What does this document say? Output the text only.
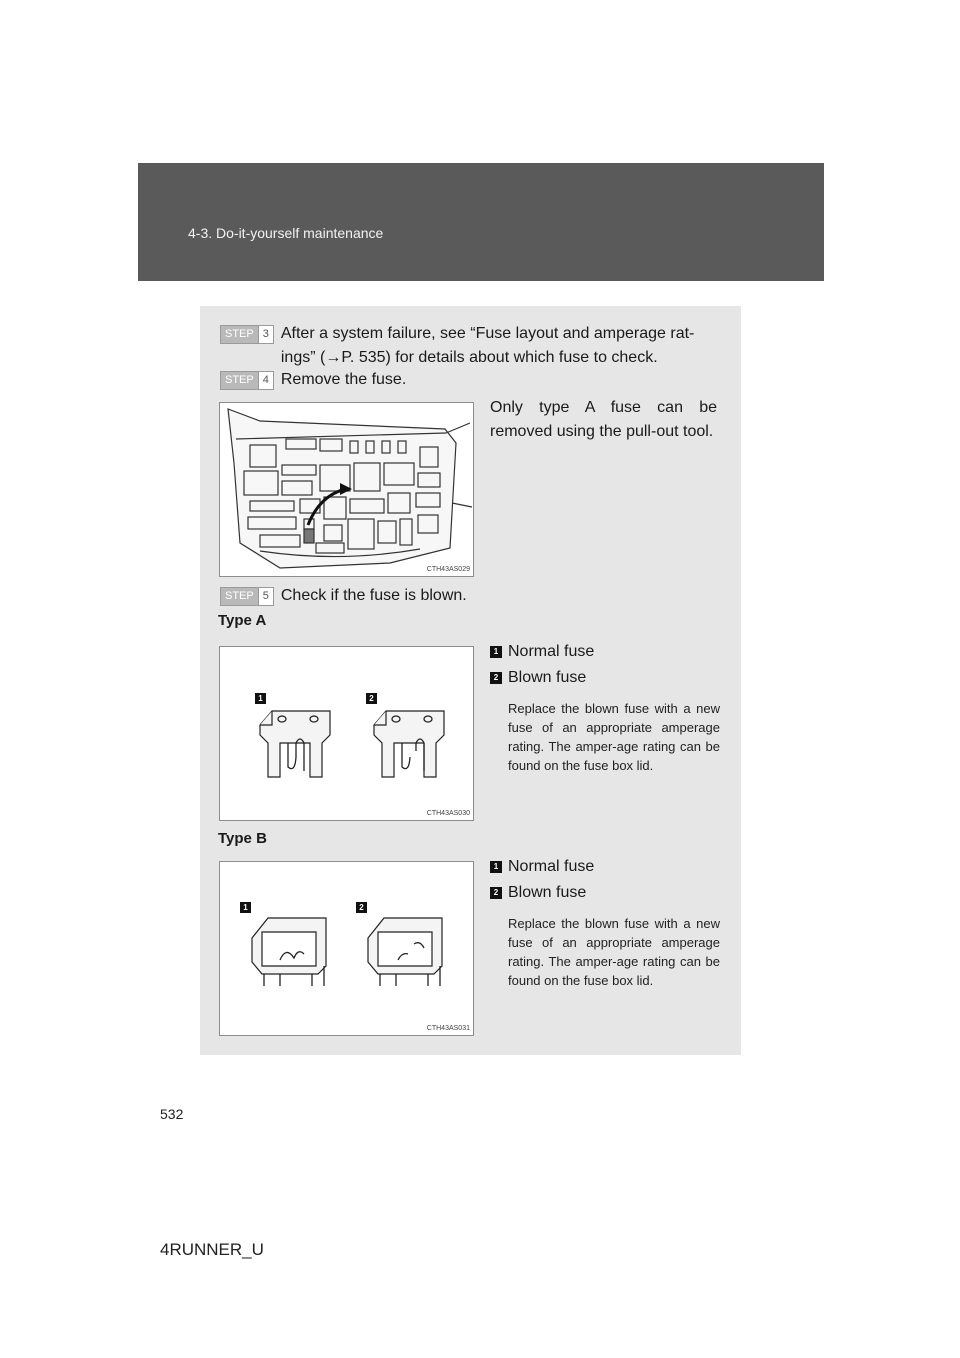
4-3. Do-it-yourself maintenance
STEP 3 After a system failure, see “Fuse layout and amperage rat-
ings” (→P. 535) for details about which fuse to check.
STEP 4 Remove the fuse.
CTH43AS029
Only type A fuse can be removed using the pull-out tool.
STEP 5 Check if the fuse is blown.
Type A
1	2
CTH43AS030
1 Normal fuse
2 Blown fuse
Replace the blown fuse with a new fuse of an appropriate amperage rating. The amper-age rating can be found on the fuse box lid.
Type B
1	2
CTH43AS031
1 Normal fuse
2 Blown fuse
Replace the blown fuse with a new fuse of an appropriate amperage rating. The amper-age rating can be found on the fuse box lid.
532
4RUNNER_U
